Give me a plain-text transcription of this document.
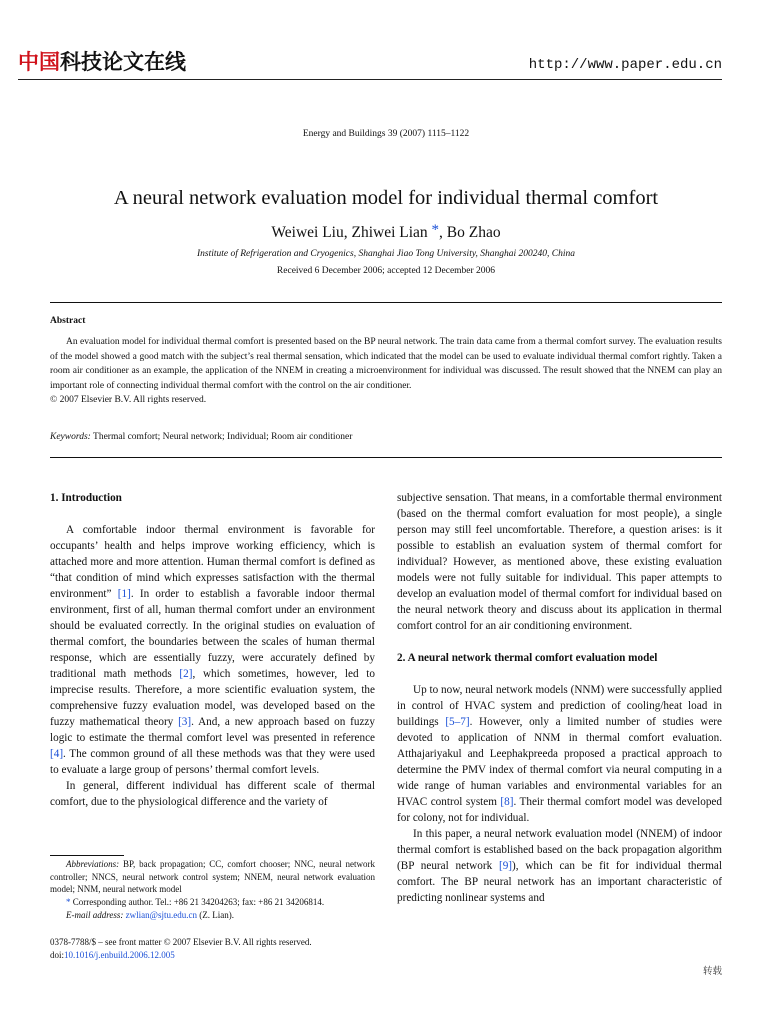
中国科技论文在线	http://www.paper.edu.cn
Energy and Buildings 39 (2007) 1115–1122
A neural network evaluation model for individual thermal comfort
Weiwei Liu, Zhiwei Lian *, Bo Zhao
Institute of Refrigeration and Cryogenics, Shanghai Jiao Tong University, Shanghai 200240, China
Received 6 December 2006; accepted 12 December 2006
Abstract
An evaluation model for individual thermal comfort is presented based on the BP neural network. The train data came from a thermal comfort survey. The evaluation results of the model showed a good match with the subject’s real thermal sensation, which indicated that the model can be used to evaluate individual thermal comfort rightly. Taken a room air conditioner as an example, the application of the NNEM in creating a microenvironment for individual was discussed. The result showed that the NNEM can play an important role of connecting individual thermal comfort with the control on the air conditioner.
© 2007 Elsevier B.V. All rights reserved.
Keywords: Thermal comfort; Neural network; Individual; Room air conditioner
1. Introduction

A comfortable indoor thermal environment is favorable for occupants’ health and helps improve working efficiency, which is attached more and more attention. Human thermal comfort is defined as “that condition of mind which expresses satisfaction with the thermal environment” [1]. In order to establish a favorable indoor thermal environment, first of all, human thermal comfort under an environment should be evaluated correctly. In the original studies on evaluation of thermal comfort, the boundaries between the scales of human thermal response, which are essentially fuzzy, were accurately defined by traditional math methods [2], which sometimes, however, led to imprecise results. Therefore, a more scientific evaluation system, the comprehensive fuzzy evaluation model, was developed based on the fuzzy mathematical theory [3]. And, a new approach based on fuzzy logic to estimate the thermal comfort level was presented in reference [4]. The common ground of all these methods was that they were used to evaluate a large group of persons’ thermal comfort levels.

In general, different individual has different scale of thermal comfort, due to the physiological difference and the variety of

subjective sensation. That means, in a comfortable thermal environment (based on the thermal comfort evaluation for most people), a single person may still feel uncomfortable. Therefore, a question arises: is it possible to establish an evaluation system of thermal comfort for individual? However, as mentioned above, these existing evaluation models were not fully suitable for individual. This paper attempts to develop an evaluation model of thermal comfort for individual based on the neural network theory and discuss about its application in thermal comfort control for an air conditioning environment.

2. A neural network thermal comfort evaluation model

Up to now, neural network models (NNM) were successfully applied in control of HVAC system and prediction of cooling/heat load in buildings [5–7]. However, only a limited number of studies were devoted to application of NNM in thermal comfort evaluation. Atthajariyakul and Leephakpreeda proposed a practical approach to determine the PMV index of thermal comfort via neural computing in a wide range of human variables and environmental variables for an HVAC control system [8]. Their thermal comfort model was developed for colony, not for individual.

In this paper, a neural network evaluation model (NNEM) of indoor thermal comfort is established based on the back propagation algorithm (BP neural network [9]), which can be fit for individual thermal comfort. The BP neural network has an important characteristic of predicting nonlinear systems and

Abbreviations: BP, back propagation; CC, comfort chooser; NNC, neural network controller; NNCS, neural network control system; NNEM, neural network evaluation model; NNM, neural network model

* Corresponding author. Tel.: +86 21 34204263; fax: +86 21 34206814.

E-mail address: zwlian@sjtu.edu.cn (Z. Lian).

0378-7788/$ – see front matter © 2007 Elsevier B.V. All rights reserved.
doi:10.1016/j.enbuild.2006.12.005
转载
